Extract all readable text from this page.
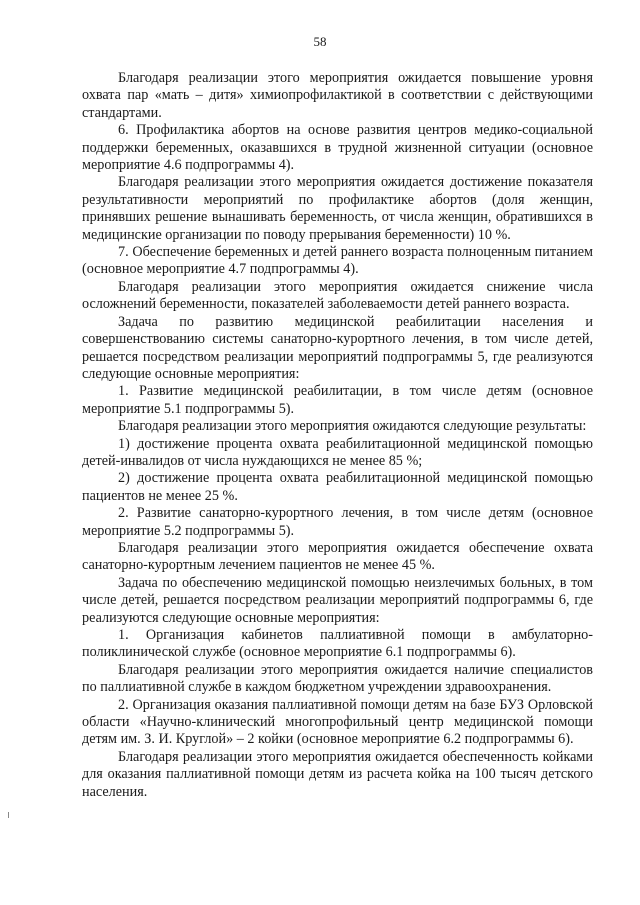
58

Благодаря реализации этого мероприятия ожидается повышение уровня охвата пар «мать – дитя» химиопрофилактикой в соответствии с действующими стандартами.

6. Профилактика абортов на основе развития центров медико-социальной поддержки беременных, оказавшихся в трудной жизненной ситуации (основное мероприятие 4.6 подпрограммы 4).

Благодаря реализации этого мероприятия ожидается достижение показателя результативности мероприятий по профилактике абортов (доля женщин, принявших решение вынашивать беременность, от числа женщин, обратившихся в медицинские организации по поводу прерывания беременности) 10 %.

7. Обеспечение беременных и детей раннего возраста полноценным питанием (основное мероприятие 4.7 подпрограммы 4).

Благодаря реализации этого мероприятия ожидается снижение числа осложнений беременности, показателей заболеваемости детей раннего возраста.

Задача по развитию медицинской реабилитации населения и совершенствованию системы санаторно-курортного лечения, в том числе детей, решается посредством реализации мероприятий подпрограммы 5, где реализуются следующие основные мероприятия:

1. Развитие медицинской реабилитации, в том числе детям (основное мероприятие 5.1 подпрограммы 5).

Благодаря реализации этого мероприятия ожидаются следующие результаты:

1) достижение процента охвата реабилитационной медицинской помощью детей-инвалидов от числа нуждающихся не менее 85 %;

2) достижение процента охвата реабилитационной медицинской помощью пациентов не менее 25 %.

2. Развитие санаторно-курортного лечения, в том числе детям (основное мероприятие 5.2 подпрограммы 5).

Благодаря реализации этого мероприятия ожидается обеспечение охвата санаторно-курортным лечением пациентов не менее 45 %.

Задача по обеспечению медицинской помощью неизлечимых больных, в том числе детей, решается посредством реализации мероприятий подпрограммы 6, где реализуются следующие основные мероприятия:

1. Организация кабинетов паллиативной помощи в амбулаторно-поликлинической службе (основное мероприятие 6.1 подпрограммы 6).

Благодаря реализации этого мероприятия ожидается наличие специалистов по паллиативной службе в каждом бюджетном учреждении здравоохранения.

2. Организация оказания паллиативной помощи детям на базе БУЗ Орловской области «Научно-клинический многопрофильный центр медицинской помощи детям им. З. И. Круглой» – 2 койки (основное мероприятие 6.2 подпрограммы 6).

Благодаря реализации этого мероприятия ожидается обеспеченность койками для оказания паллиативной помощи детям из расчета койка на 100 тысяч детского населения.
